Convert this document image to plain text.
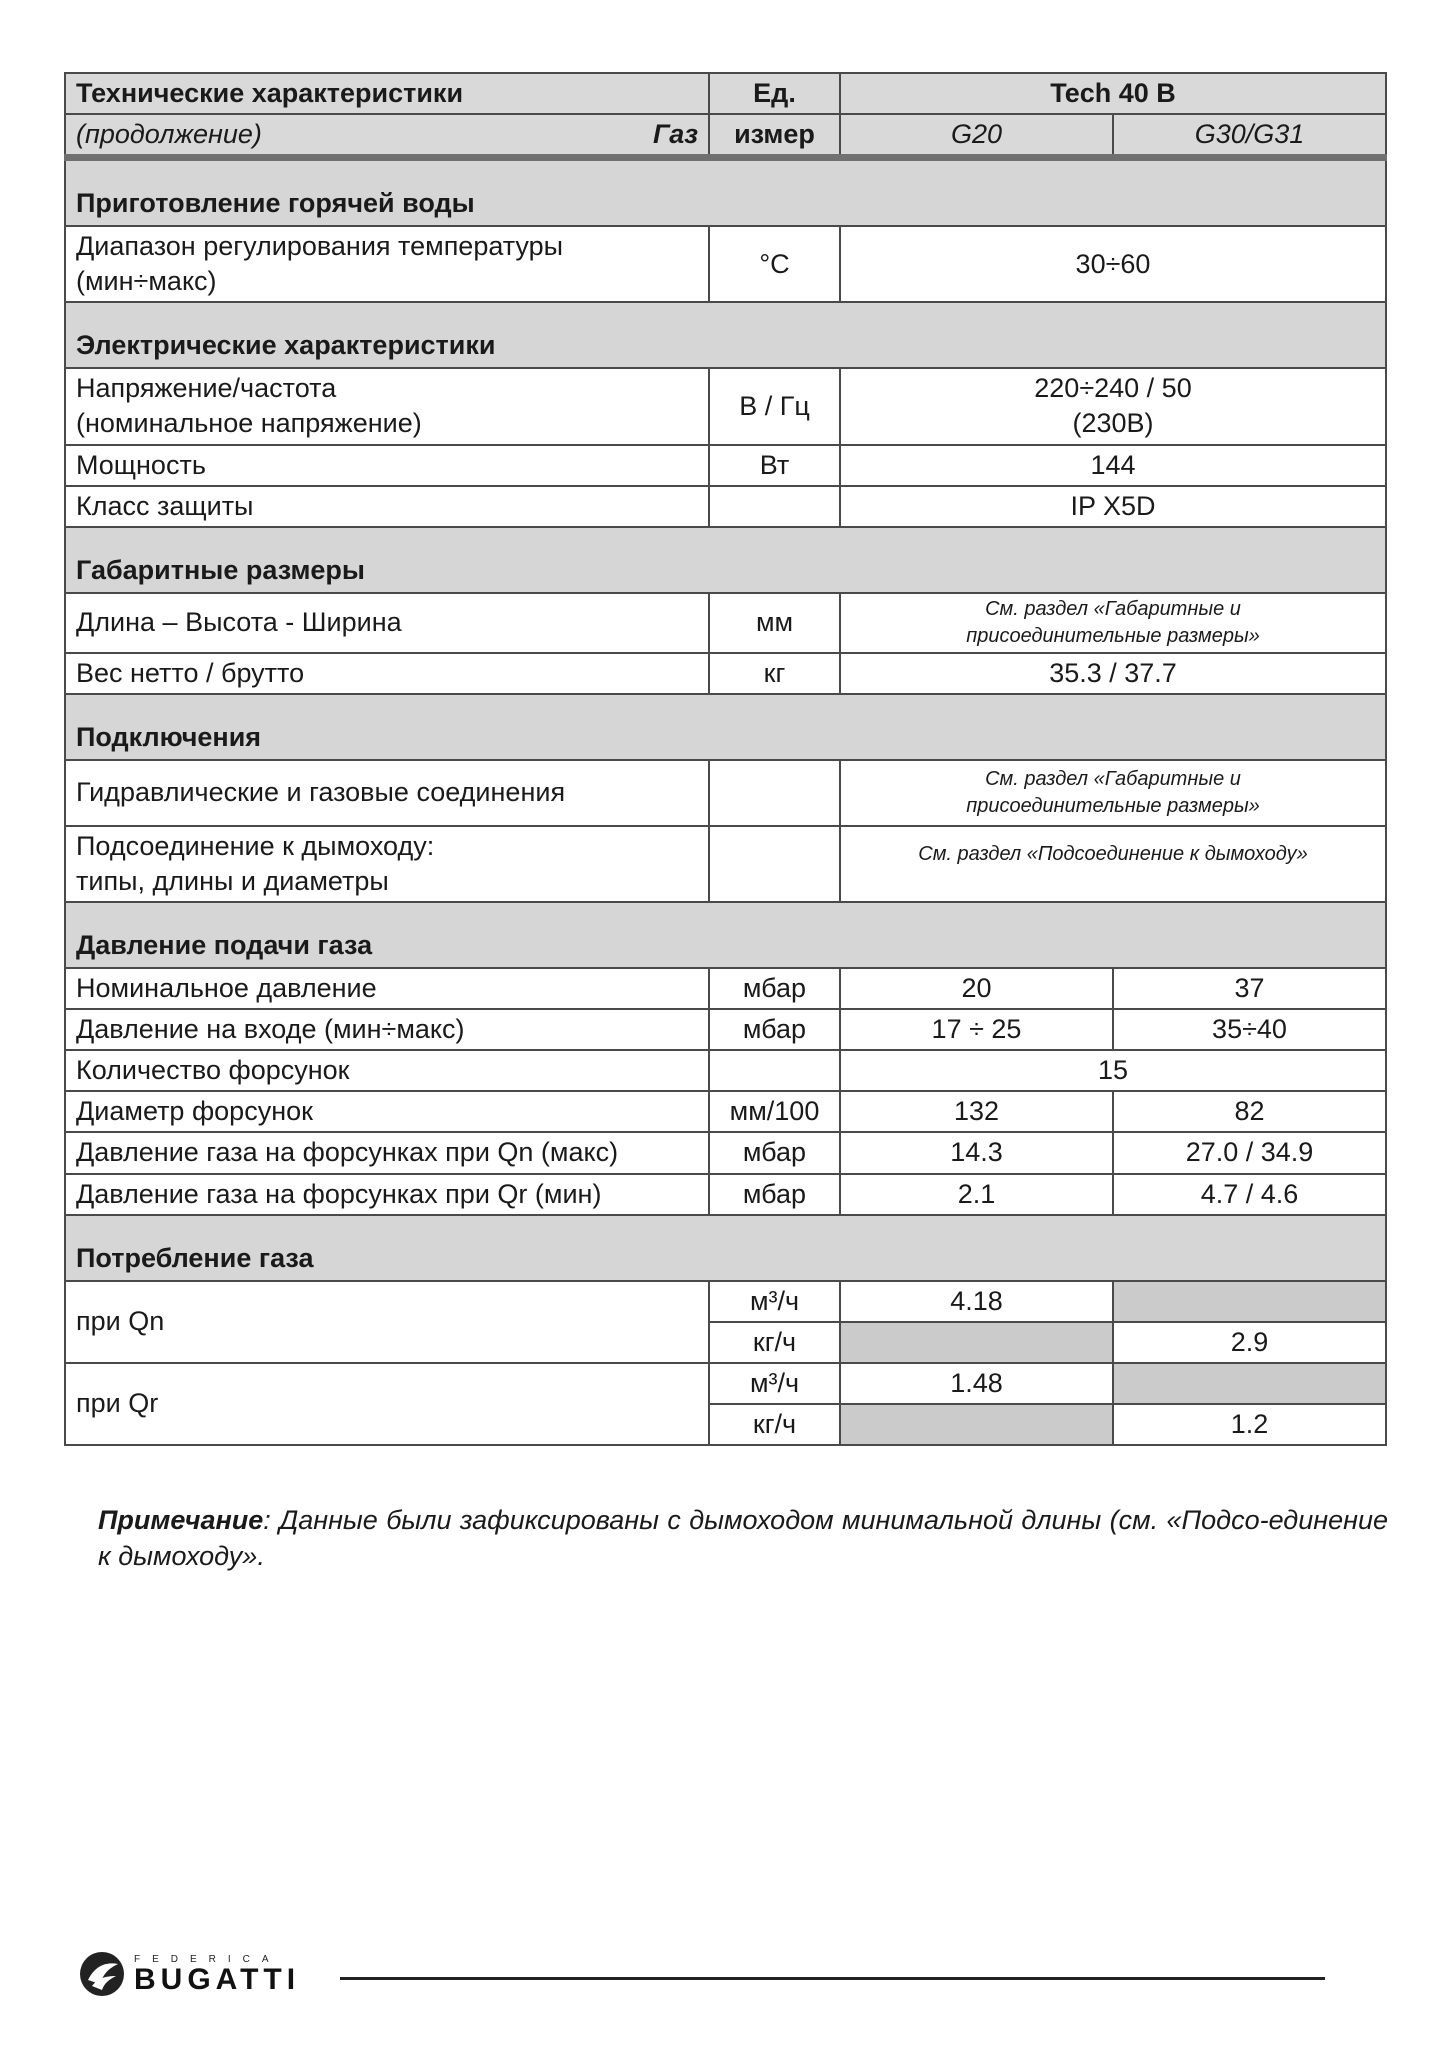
Технические характеристики	Ед.	Tech 40 B	

(продолжение) Газ	измер	G20	G30/G31
Приготовление горячей воды			
Диапазон регулирования температуры
(мин÷макс)	°C	30÷60	
Электрические характеристики			
Напряжение/частота
(номинальное напряжение)	В / Гц	220÷240 / 50
(230В)	
Мощность	Вт	144	
Класс защиты		IP X5D	
Габаритные размеры			
Длина – Высота - Ширина	мм	См. раздел «Габаритные и
присоединительные размеры»	
Вес нетто / брутто	кг	35.3 / 37.7	
Подключения			
Гидравлические и газовые соединения		См. раздел «Габаритные и
присоединительные размеры»	
Подсоединение к дымоходу:
типы, длины и диаметры		См. раздел «Подсоединение к дымоходу»	
Давление подачи газа			
Номинальное давление	мбар	20	37
Давление на входе (мин÷макс)	мбар	17 ÷ 25	35÷40
Количество форсунок		15	
Диаметр форсунок	мм/100	132	82
Давление газа на форсунках при Qn (макс)	мбар	14.3	27.0 / 34.9
Давление газа на форсунках при Qr (мин)	мбар	2.1	4.7 / 4.6
Потребление газа			
при Qn	м³/ч	4.18	
	кг/ч		2.9
при Qr	м³/ч	1.48	
	кг/ч		1.2
Примечание: Данные были зафиксированы с дымоходом минимальной длины (см. «Подсо-единение к дымоходу».
FEDERICA
BUGATTI
